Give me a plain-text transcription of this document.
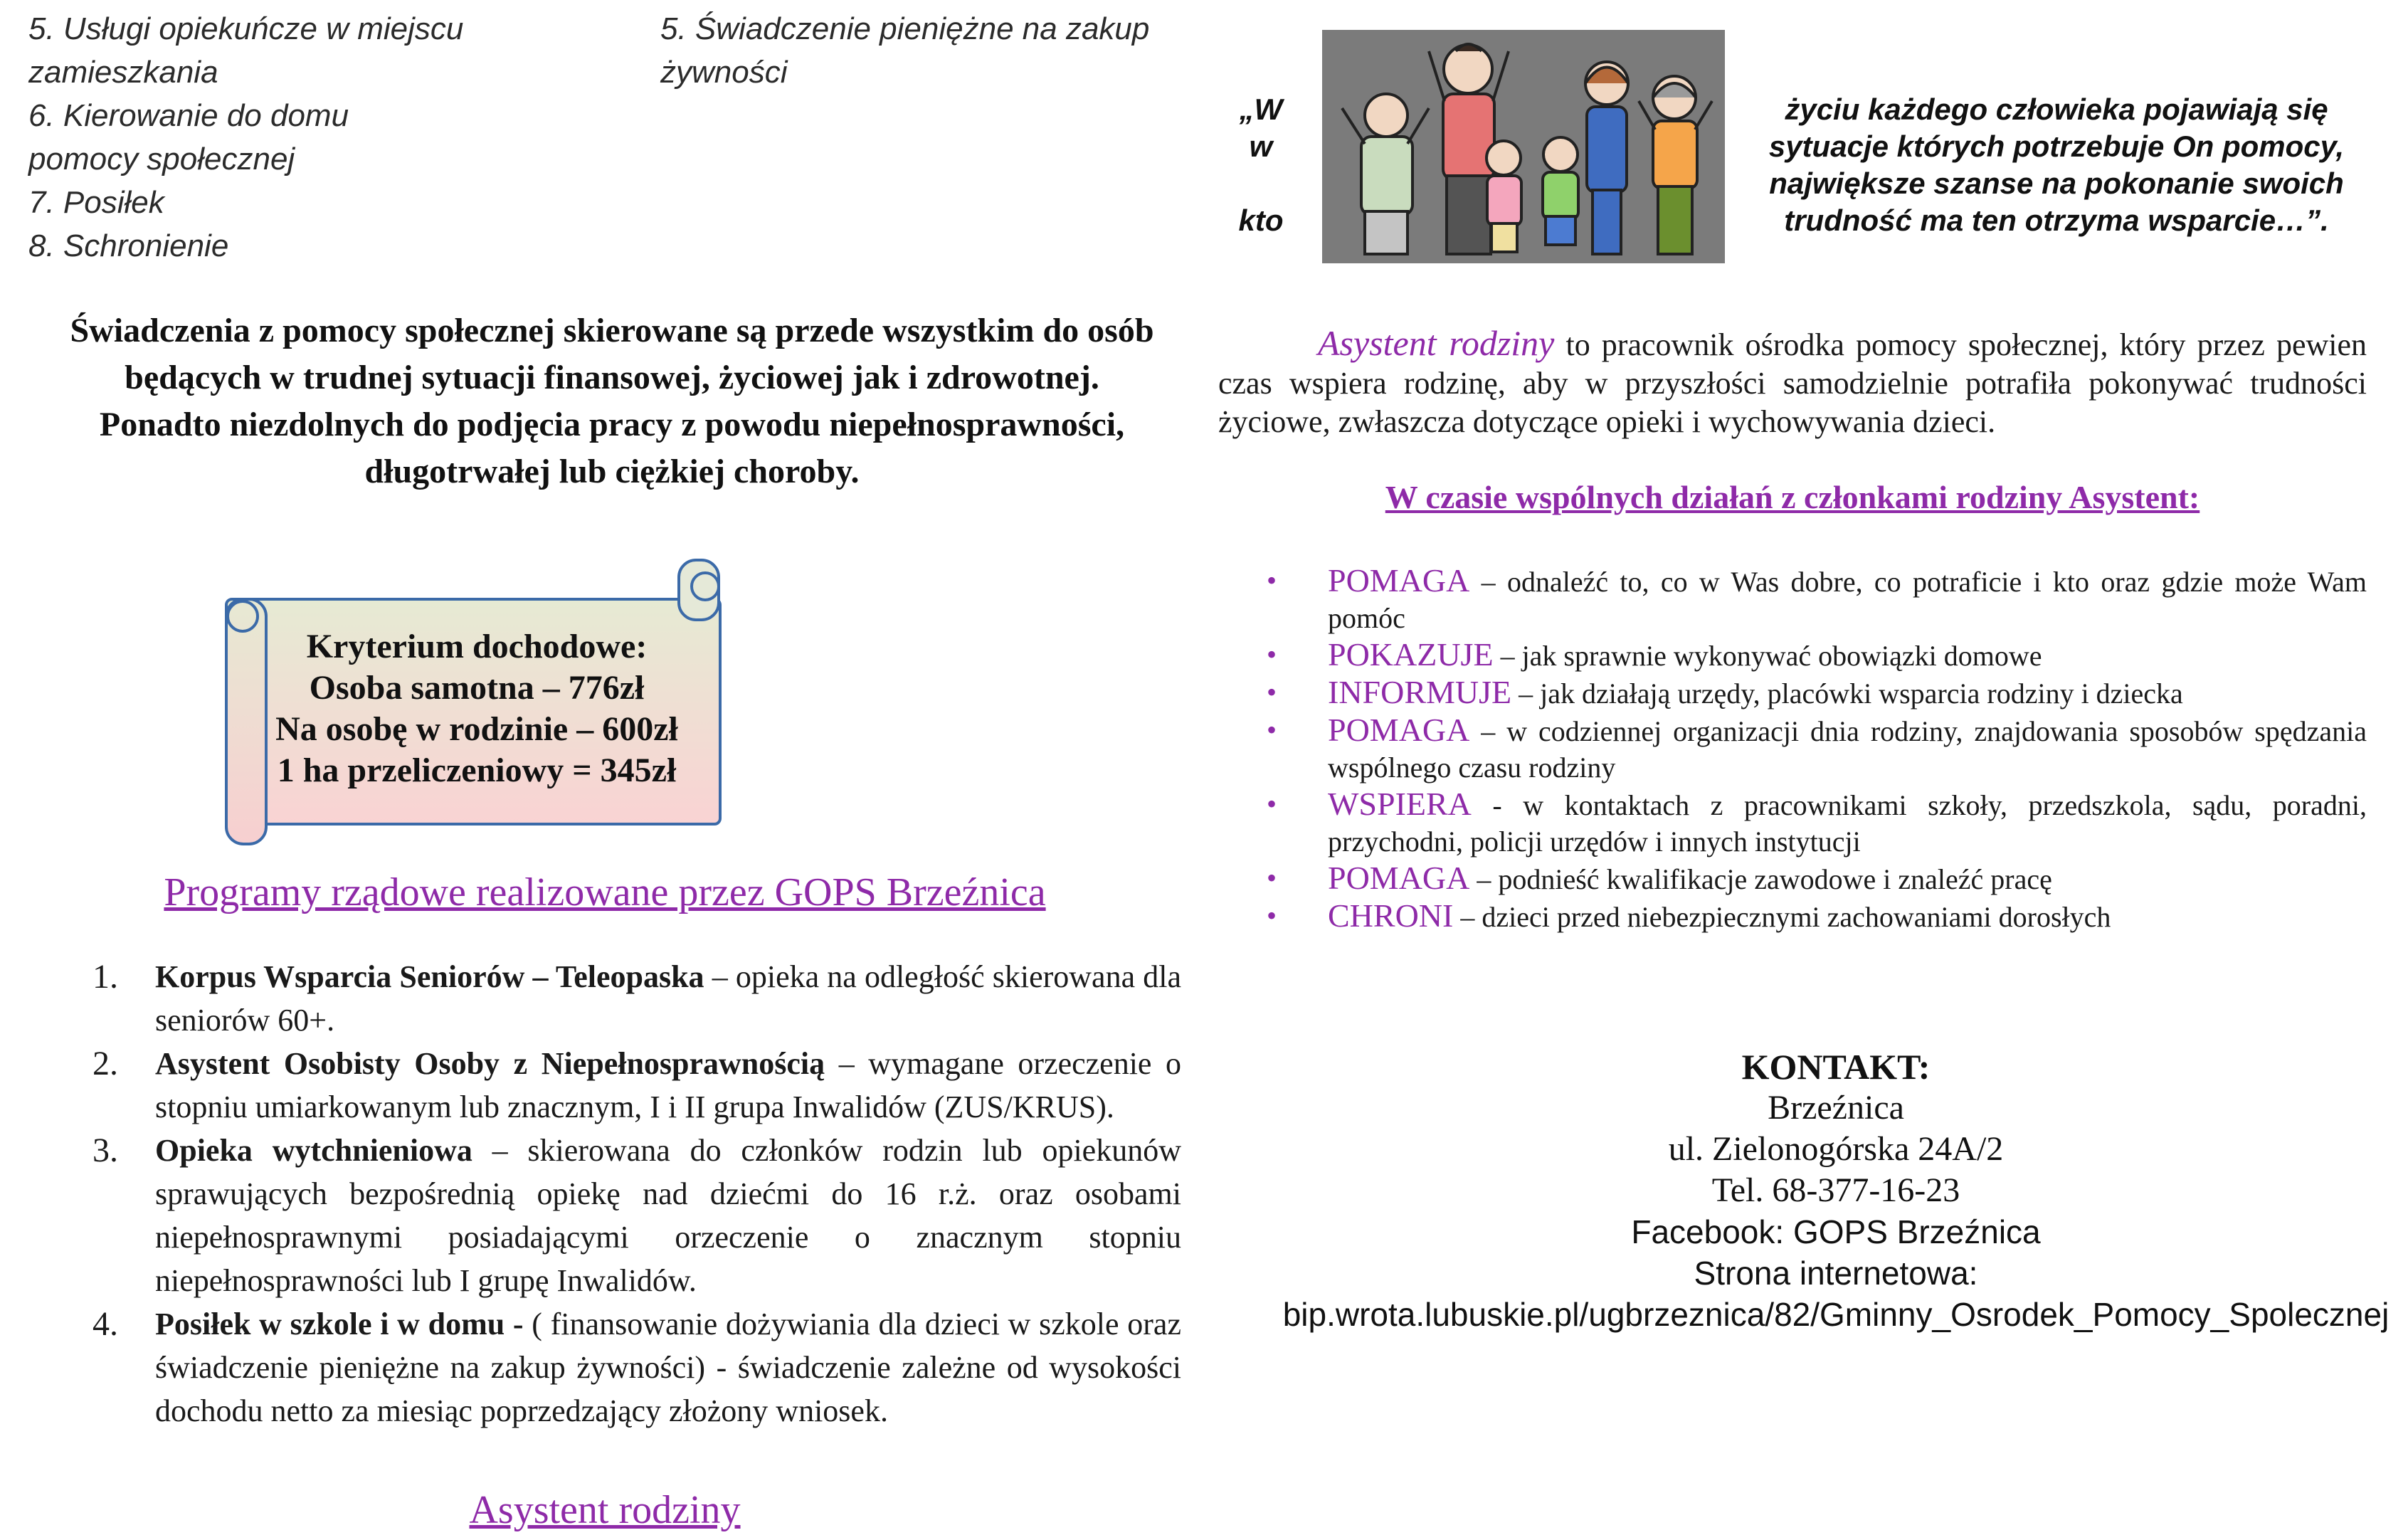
5. Usługi opiekuńcze w miejscu
zamieszkania
6. Kierowanie do domu
pomocy społecznej
7. Posiłek
8. Schronienie
5. Świadczenie pieniężne na zakup
żywności
Świadczenia z pomocy społecznej skierowane są przede wszystkim do osób
będących w trudnej sytuacji finansowej, życiowej jak i zdrowotnej.
Ponadto niezdolnych do podjęcia pracy z powodu niepełnosprawności,
długotrwałej lub ciężkiej choroby.
Kryterium dochodowe:
Osoba samotna – 776zł
Na osobę w rodzinie – 600zł
1 ha przeliczeniowy = 345zł
Programy rządowe realizowane przez GOPS Brzeźnica
1.	Korpus Wsparcia Seniorów – Teleopaska – opieka na odległość skierowana dla seniorów 60+.
2.	Asystent Osobisty Osoby z Niepełnosprawnością – wymagane orzeczenie o stopniu umiarkowanym lub znacznym, I i II grupa Inwalidów (ZUS/KRUS).
3.	Opieka wytchnieniowa – skierowana do członków rodzin lub opiekunów sprawujących bezpośrednią opiekę nad dziećmi do 16 r.ż. oraz osobami niepełnosprawnymi posiadającymi orzeczenie o znacznym stopniu niepełnosprawności lub I grupę Inwalidów.
4.	Posiłek w szkole i w domu - ( finansowanie dożywiania dla dzieci w szkole oraz świadczenie pieniężne na zakup żywności) - świadczenie zależne od wysokości dochodu netto za miesiąc poprzedzający złożony wniosek.
Asystent rodziny
„W
w
kto
życiu każdego człowieka pojawiają się sytuacje których potrzebuje On pomocy, największe szanse na pokonanie swoich trudność ma ten otrzyma wsparcie…”.
Asystent rodziny to pracownik ośrodka pomocy społecznej, który przez pewien czas wspiera rodzinę, aby w przyszłości samodzielnie potrafiła pokonywać trudności życiowe, zwłaszcza dotyczące opieki i wychowywania dzieci.
W czasie wspólnych działań z członkami rodziny Asystent:
•	POMAGA – odnaleźć to, co w Was dobre, co potraficie i kto oraz gdzie może Wam pomóc
•	POKAZUJE – jak sprawnie wykonywać obowiązki domowe
•	INFORMUJE – jak działają urzędy, placówki wsparcia rodziny i dziecka
•	POMAGA – w codziennej organizacji dnia rodziny, znajdowania sposobów spędzania wspólnego czasu rodziny
•	WSPIERA - w kontaktach z pracownikami szkoły, przedszkola, sądu, poradni, przychodni, policji urzędów i innych instytucji
•	POMAGA – podnieść kwalifikacje zawodowe i znaleźć pracę
•	CHRONI – dzieci przed niebezpiecznymi zachowaniami dorosłych
KONTAKT:
Brzeźnica
ul. Zielonogórska 24A/2
Tel. 68-377-16-23
Facebook: GOPS Brzeźnica
Strona internetowa:
bip.wrota.lubuskie.pl/ugbrzeznica/82/Gminny_Osrodek_Pomocy_Spolecznej
